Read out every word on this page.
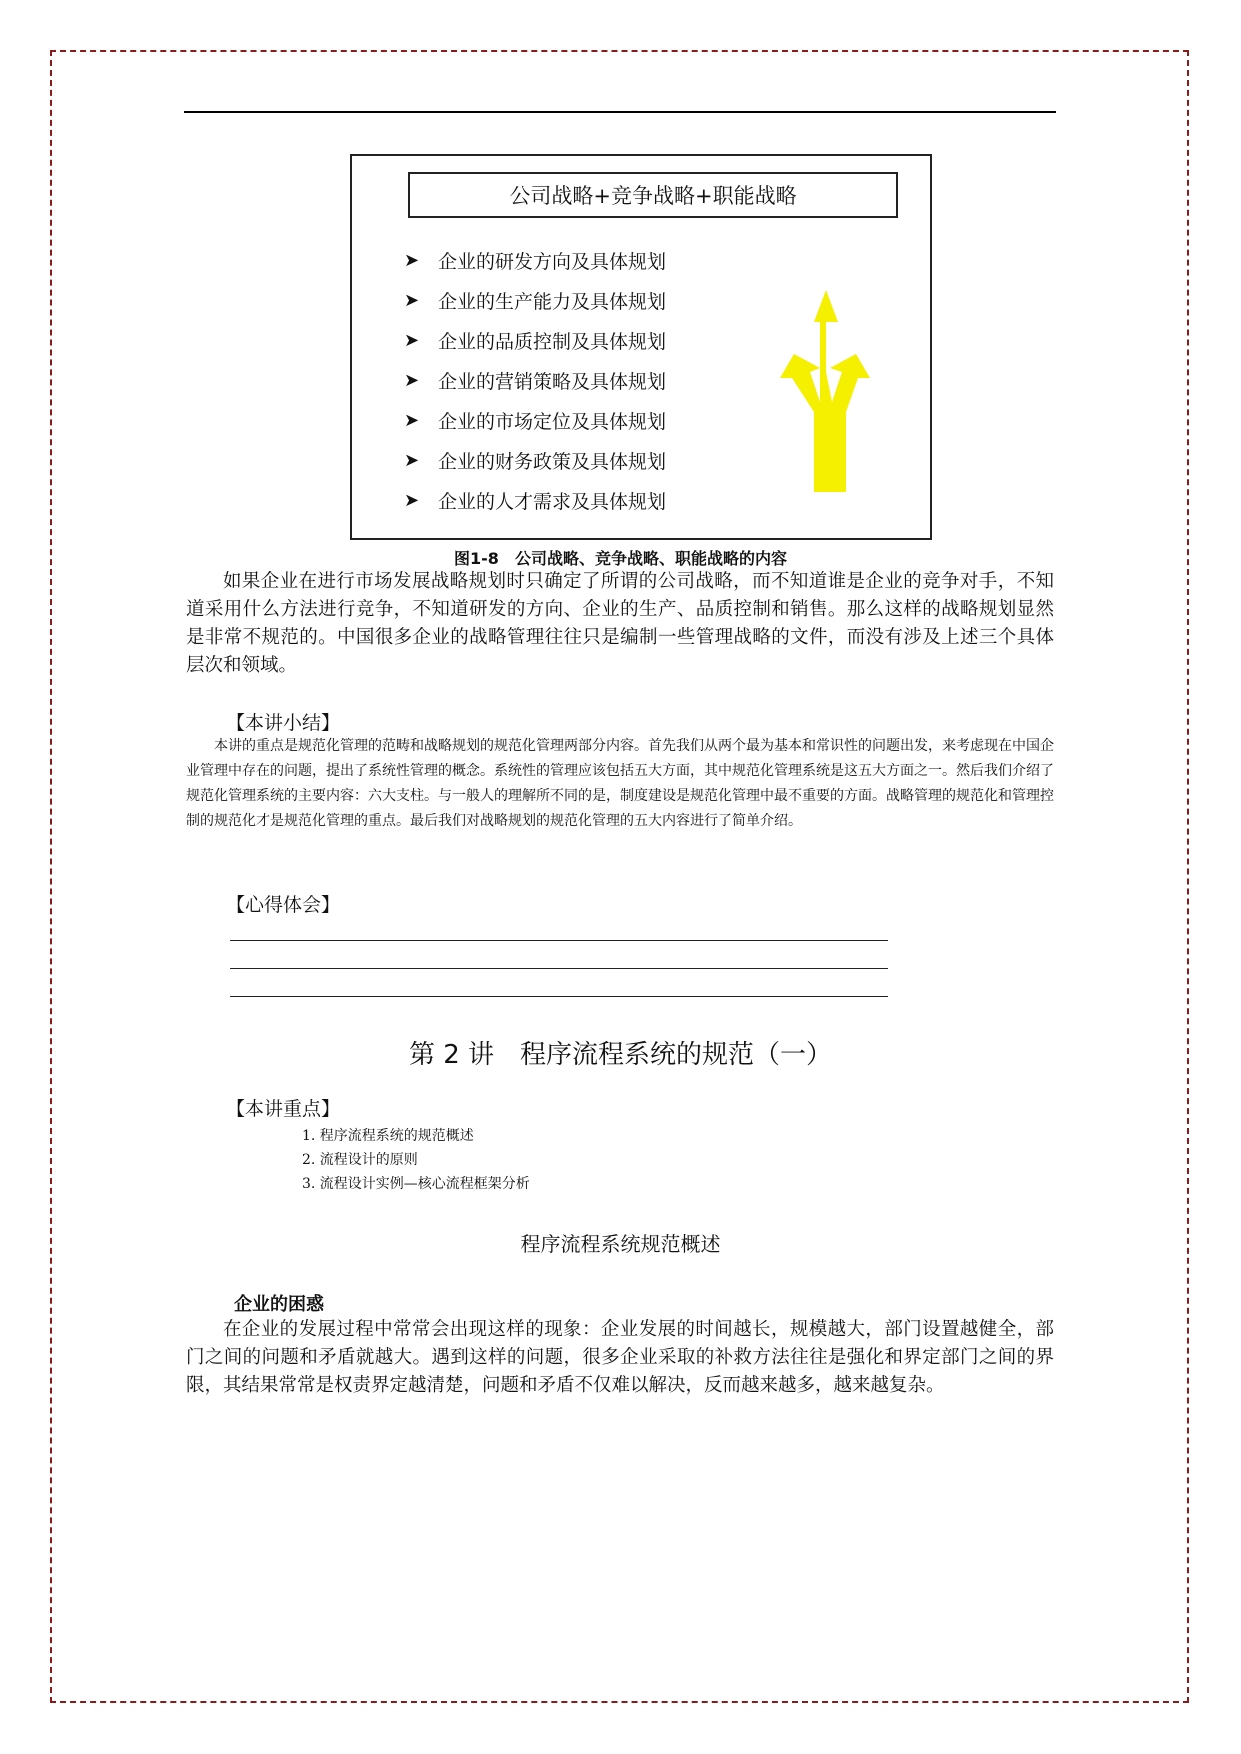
公司战略+竞争战略+职能战略
➤ 企业的研发方向及具体规划
➤ 企业的生产能力及具体规划
➤ 企业的品质控制及具体规划
➤ 企业的营销策略及具体规划
➤ 企业的市场定位及具体规划
➤ 企业的财务政策及具体规划
➤ 企业的人才需求及具体规划
图1-8　公司战略、竞争战略、职能战略的内容

如果企业在进行市场发展战略规划时只确定了所谓的公司战略，而不知道谁是企业的竞争对手，不知道采用什么方法进行竞争，不知道研发的方向、企业的生产、品质控制和销售。那么这样的战略规划显然是非常不规范的。中国很多企业的战略管理往往只是编制一些管理战略的文件，而没有涉及上述三个具体层次和领域。

【本讲小结】

本讲的重点是规范化管理的范畴和战略规划的规范化管理两部分内容。首先我们从两个最为基本和常识性的问题出发，来考虑现在中国企业管理中存在的问题，提出了系统性管理的概念。系统性的管理应该包括五大方面，其中规范化管理系统是这五大方面之一。然后我们介绍了规范化管理系统的主要内容：六大支柱。与一般人的理解所不同的是，制度建设是规范化管理中最不重要的方面。战略管理的规范化和管理控制的规范化才是规范化管理的重点。最后我们对战略规划的规范化管理的五大内容进行了简单介绍。

【心得体会】
第 2 讲　程序流程系统的规范（一）
【本讲重点】
1. 程序流程系统的规范概述
2. 流程设计的原则
3. 流程设计实例—核心流程框架分析
程序流程系统规范概述
企业的困惑

在企业的发展过程中常常会出现这样的现象：企业发展的时间越长，规模越大，部门设置越健全，部门之间的问题和矛盾就越大。遇到这样的问题，很多企业采取的补救方法往往是强化和界定部门之间的界限，其结果常常是权责界定越清楚，问题和矛盾不仅难以解决，反而越来越多，越来越复杂。
